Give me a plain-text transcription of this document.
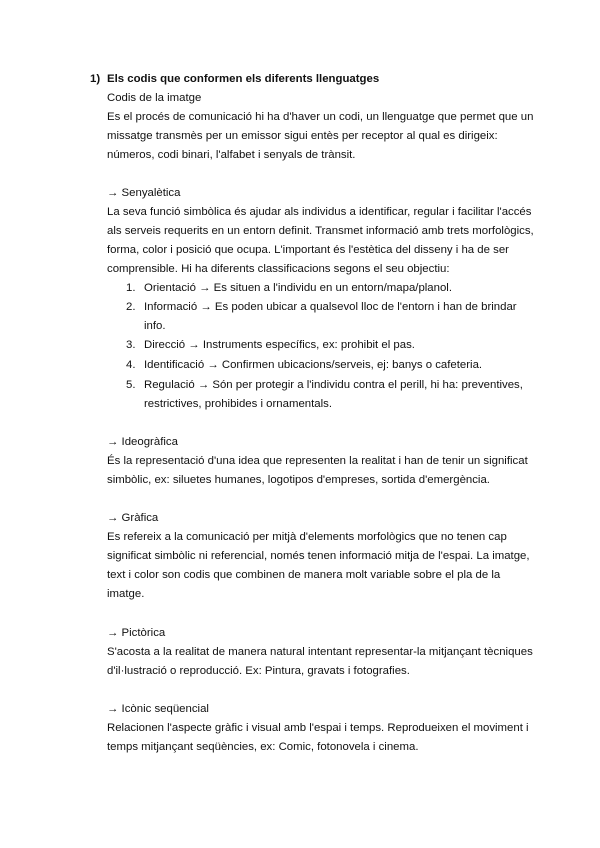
1) Els codis que conformen els diferents llenguatges
Codis de la imatge
Es el procés de comunicació hi ha d'haver un codi, un llenguatge que permet que un
missatge transmès per un emissor sigui entès per receptor al qual es dirigeix:
números, codi binari, l'alfabet i senyals de trànsit.
→ Senyalètica
La seva funció simbòlica és ajudar als individus a identificar, regular i facilitar l'accés
als serveis requerits en un entorn definit. Transmet informació amb trets morfològics,
forma, color i posició que ocupa. L'important és l'estètica del disseny i ha de ser
comprensible. Hi ha diferents classificacions segons el seu objectiu:
1. Orientació → Es situen a l'individu en un entorn/mapa/planol.
2. Informació → Es poden ubicar a qualsevol lloc de l'entorn i han de brindar
info.
3. Direcció → Instruments específics, ex: prohibit el pas.
4. Identificació → Confirmen ubicacions/serveis, ej: banys o cafeteria.
5. Regulació → Són per protegir a l'individu contra el perill, hi ha: preventives,
restrictives, prohibides i ornamentals.
→ Ideogràfica
És la representació d'una idea que representen la realitat i han de tenir un significat
simbòlic, ex: siluetes humanes, logotipos d'empreses, sortida d'emergència.
→ Gràfica
Es refereix a la comunicació per mitjà d'elements morfològics que no tenen cap
significat simbòlic ni referencial, només tenen informació mitja de l'espai. La imatge,
text i color son codis que combinen de manera molt variable sobre el pla de la
imatge.
→ Pictòrica
S'acosta a la realitat de manera natural intentant representar-la mitjançant tècniques
d'il·lustració o reproducció. Ex: Pintura, gravats i fotografies.
→ Icònic seqüencial
Relacionen l'aspecte gràfic i visual amb l'espai i temps. Reprodueixen el moviment i
temps mitjançant seqüències, ex: Comic, fotonovela i cinema.
